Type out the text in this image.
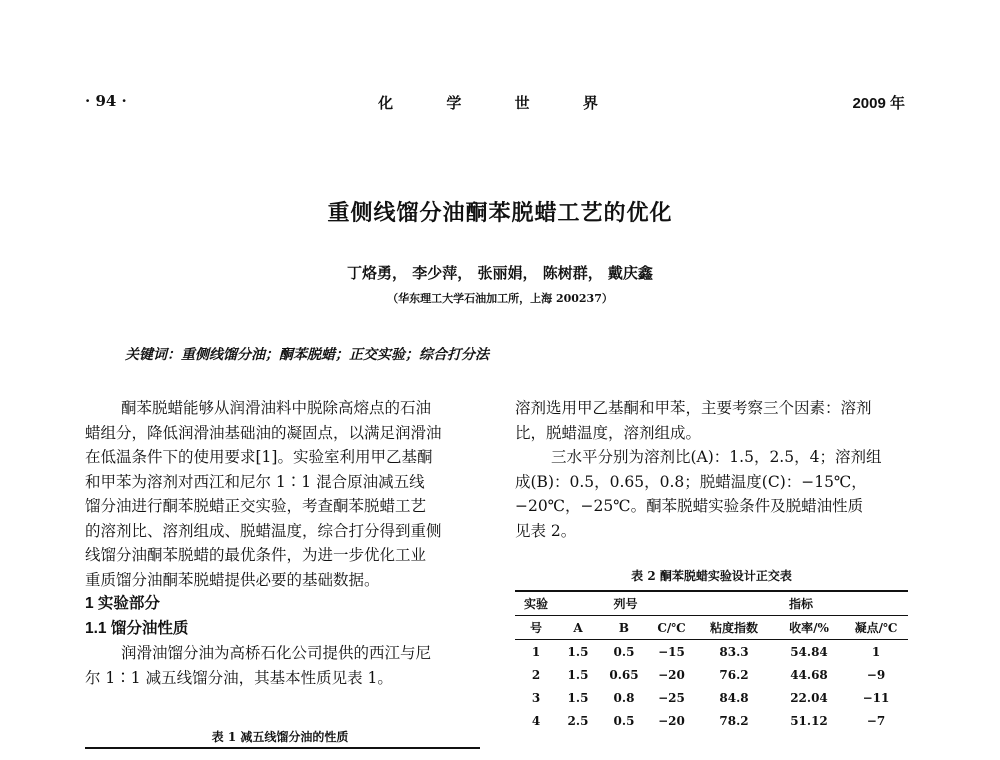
· 94 ·	化 学 世 界	2009 年
重侧线馏分油酮苯脱蜡工艺的优化
丁烙勇， 李少萍， 张丽娟， 陈树群， 戴庆鑫
（华东理工大学石油加工所，上海 200237）
关键词：重侧线馏分油；酮苯脱蜡；正交实验；综合打分法
酮苯脱蜡能够从润滑油料中脱除高熔点的石油
蜡组分，降低润滑油基础油的凝固点，以满足润滑油
在低温条件下的使用要求[1]。实验室利用甲乙基酮
和甲苯为溶剂对西江和尼尔 1∶1 混合原油减五线
馏分油进行酮苯脱蜡正交实验，考查酮苯脱蜡工艺
的溶剂比、溶剂组成、脱蜡温度，综合打分得到重侧
线馏分油酮苯脱蜡的最优条件，为进一步优化工业
重质馏分油酮苯脱蜡提供必要的基础数据。
1 实验部分
1.1 馏分油性质
润滑油馏分油为高桥石化公司提供的西江与尼
尔 1∶1 减五线馏分油，其基本性质见表 1。
表 1 减五线馏分油的性质
溶剂选用甲乙基酮和甲苯，主要考察三个因素：溶剂
比，脱蜡温度，溶剂组成。
三水平分别为溶剂比(A)：1.5，2.5，4；溶剂组
成(B)：0.5，0.65，0.8；脱蜡温度(C)：−15℃，
−20℃，−25℃。酮苯脱蜡实验条件及脱蜡油性质
见表 2。
表 2 酮苯脱蜡实验设计正交表
实验	列号			指标		
号	A	B	C/℃	粘度指数	收率/%	凝点/℃
1	1.5	0.5	−15	83.3	54.84	1
2	1.5	0.65	−20	76.2	44.68	−9
3	1.5	0.8	−25	84.8	22.04	−11
4	2.5	0.5	−20	78.2	51.12	−7
